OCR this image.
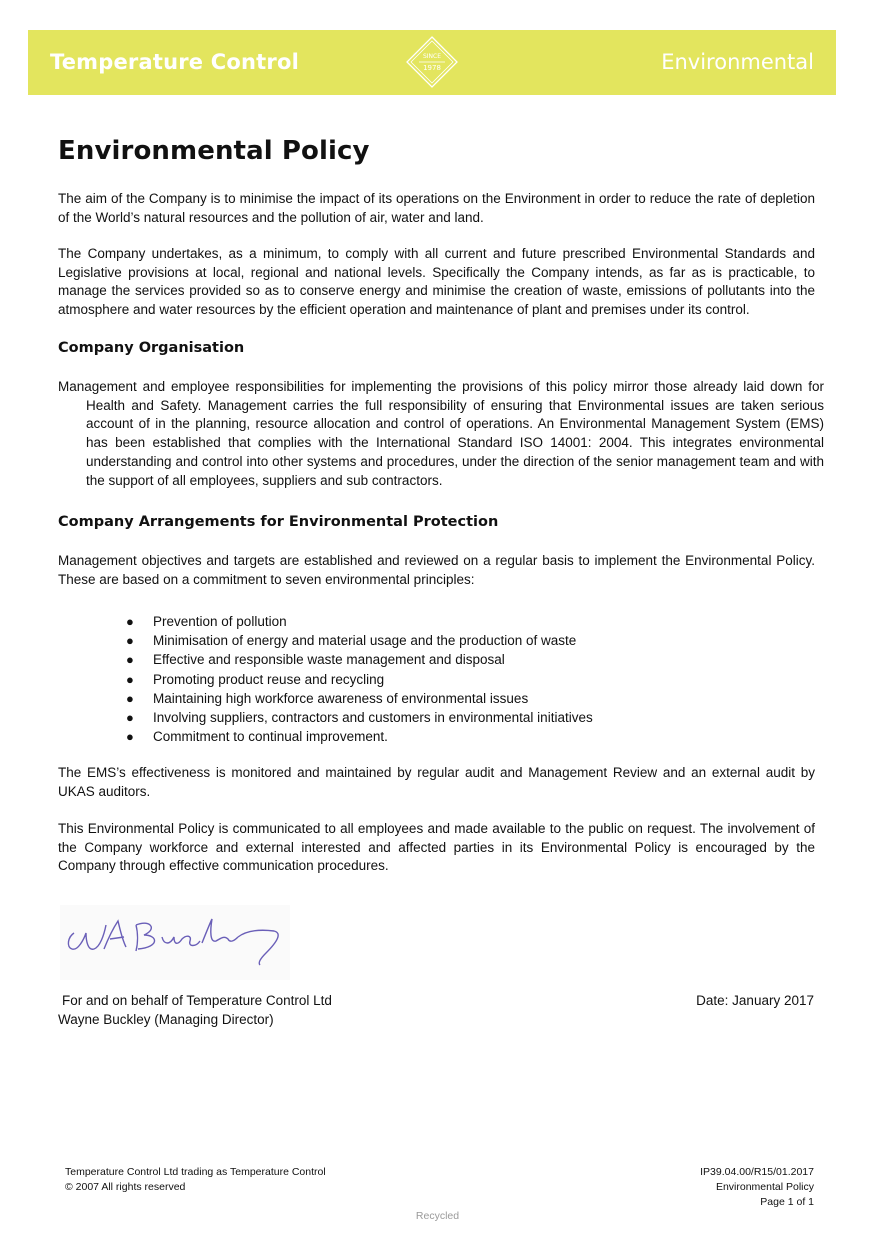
Temperature Control	SINCE
1978	Environmental
Environmental Policy

The aim of the Company is to minimise the impact of its operations on the Environment in order to reduce the rate of depletion of the World’s natural resources and the pollution of air, water and land.

The Company undertakes, as a minimum, to comply with all current and future prescribed Environmental Standards and Legislative provisions at local, regional and national levels. Specifically the Company intends, as far as is practicable, to manage the services provided so as to conserve energy and minimise the creation of waste, emissions of pollutants into the atmosphere and water resources by the efficient operation and maintenance of plant and premises under its control.

Company Organisation

Management and employee responsibilities for implementing the provisions of this policy mirror those already laid down for Health and Safety. Management carries the full responsibility of ensuring that Environmental issues are taken serious account of in the planning, resource allocation and control of operations. An Environmental Management System (EMS) has been established that complies with the International Standard ISO 14001: 2004. This integrates environmental understanding and control into other systems and procedures, under the direction of the senior management team and with the support of all employees, suppliers and sub contractors.

Company Arrangements for Environmental Protection

Management objectives and targets are established and reviewed on a regular basis to implement the Environmental Policy. These are based on a commitment to seven environmental principles:

● Prevention of pollution
● Minimisation of energy and material usage and the production of waste
● Effective and responsible waste management and disposal
● Promoting product reuse and recycling
● Maintaining high workforce awareness of environmental issues
● Involving suppliers, contractors and customers in environmental initiatives
● Commitment to continual improvement.

The EMS’s effectiveness is monitored and maintained by regular audit and Management Review and an external audit by UKAS auditors.

This Environmental Policy is communicated to all employees and made available to the public on request. The involvement of the Company workforce and external interested and affected parties in its Environmental Policy is encouraged by the Company through effective communication procedures.

For and on behalf of Temperature Control Ltd

Wayne Buckley (Managing Director)

Date: January 2017
Temperature Control Ltd trading as Temperature Control
© 2007 All rights reserved
IP39.04.00/R15/01.2017
Environmental Policy
Page 1 of 1
Recycled
